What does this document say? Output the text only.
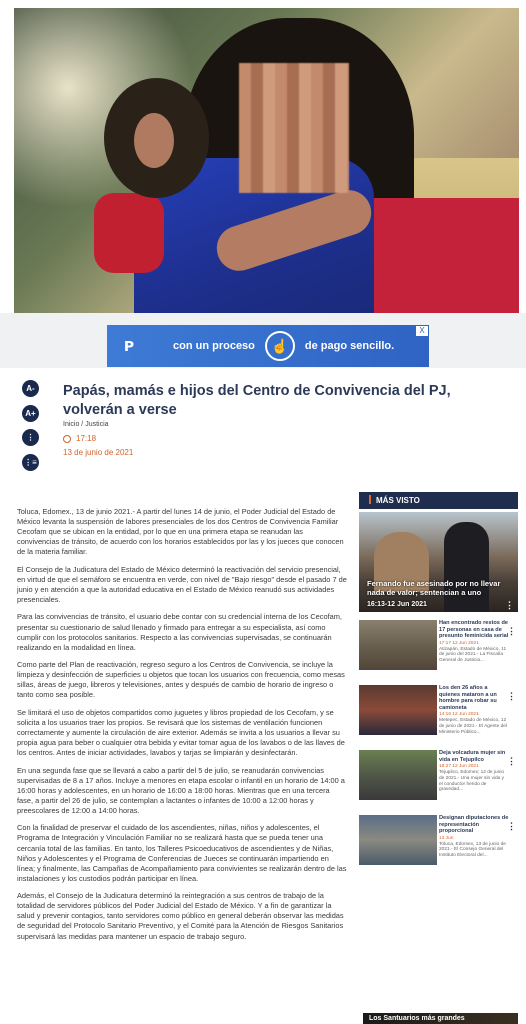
𝗣	con un proceso	☝	de pago sencillo.
X
A-
A+
⋮
⋮≡
Papás, mamás e hijos del Centro de Convivencia del PJ, volverán a verse
Inicio / Justicia
17:18
13 de junio de 2021

Toluca, Edomex., 13 de junio 2021.- A partir del lunes 14 de junio, el Poder Judicial del Estado de México levanta la suspensión de labores presenciales de los dos Centros de Convivencia Familiar Cecofam que se ubican en la entidad, por lo que en una primera etapa se reanudan las convivencias de tránsito, de acuerdo con los horarios establecidos por las y los jueces que conocen de la materia familiar.

El Consejo de la Judicatura del Estado de México determinó la reactivación del servicio presencial, en virtud de que el semáforo se encuentra en verde, con nivel de "Bajo riesgo" desde el pasado 7 de junio y en atención a que la autoridad educativa en el Estado de México reanudó sus actividades presenciales.

Para las convivencias de tránsito, el usuario debe contar con su credencial interna de los Cecofam, presentar su cuestionario de salud llenado y firmado para entregar a su especialista, así como cumplir con los protocolos sanitarios. Respecto a las convivencias supervisadas, se continuarán realizando en la modalidad en línea.

Como parte del Plan de reactivación, regreso seguro a los Centros de Convivencia, se incluye la limpieza y desinfección de superficies u objetos que tocan los usuarios con frecuencia, como mesas sillas, áreas de juego, libreros y televisiones, antes y después de cambio de horario de ingreso o tanto como sea posible.

Se limitará el uso de objetos compartidos como juguetes y libros propiedad de los Cecofam, y se solicita a los usuarios traer los propios. Se revisará que los sistemas de ventilación funcionen correctamente y aumente la circulación de aire exterior. Además se invita a los usuarios a llevar su propia agua para beber o cualquier otra bebida y evitar tomar agua de los lavabos o de las llaves de los centros. Antes de iniciar actividades, lavabos y tarjas se limpiarán y desinfectarán.

En una segunda fase que se llevará a cabo a partir del 5 de julio, se reanudarán convivencias supervisadas de 8 a 17 años. Incluye a menores en etapa escolar o infantil en un horario de 14:00 a 16:00 horas y adolescentes, en un horario de 16:00 a 18:00 horas. Mientras que en una tercera fase, a partir del 26 de julio, se contemplan a lactantes o infantes de 10:00 a 12:00 horas y preescolares de 12:00 a 14:00 horas.

Con la finalidad de preservar el cuidado de los ascendientes, niñas, niños y adolescentes, el Programa de Integración y Vinculación Familiar no se realizará hasta que se pueda tener una cercanía total de las familias. En tanto, los Talleres Psicoeducativos de ascendientes y de Niñas, Niños y Adolescentes y el Programa de Conferencias de Jueces se continuarán impartiendo en línea; y finalmente, las Campañas de Acompañamiento para convivientes se realizarán dentro de las instalaciones y los custodios podrán participar en línea.

Además, el Consejo de la Judicatura determinó la reintegración a sus centros de trabajo de la totalidad de servidores públicos del Poder Judicial del Estado de México. Y a fin de garantizar la salud y prevenir contagios, tanto servidores como público en general deberán observar las medidas de seguridad del Protocolo Sanitario Preventivo, y el Comité para la Atención de Riesgos Sanitarios supervisará las medidas para mantener un espacio de trabajo seguro.

MÁS VISTO
Fernando fue asesinado por no llevar nada de valor; sentencian a uno
16:13-12 Jun 2021	⋮
Han encontrado restos de 17 personas en casa de presunto feminicida serial
17:17 12 Jun 2021
Atizapán, Estado de México, 11 de junio del 2021.- La Fiscalía General de Justicia...
⋮
Los den 26 años a quienes mataron a un hombre para robar su camioneta
14:16 12 Jun 2021
Metepec, Estado de México, 12 de junio de 2021.- El Agente del Ministerio Público...
⋮
Deja volcadura mujer sin vida en Tejupilco
18:27 12 Jun 2021
Tejupilco, Edomex; 12 de junio de 2021.- Una mujer sin vida y el conductor herido de gravedad...
⋮
Designan diputaciones de representación proporcional
13 Jun
Toluca, Edomex, 13 de junio de 2021.- El Consejo General del Instituto Electoral del...
⋮
Los Santuarios más grandes
